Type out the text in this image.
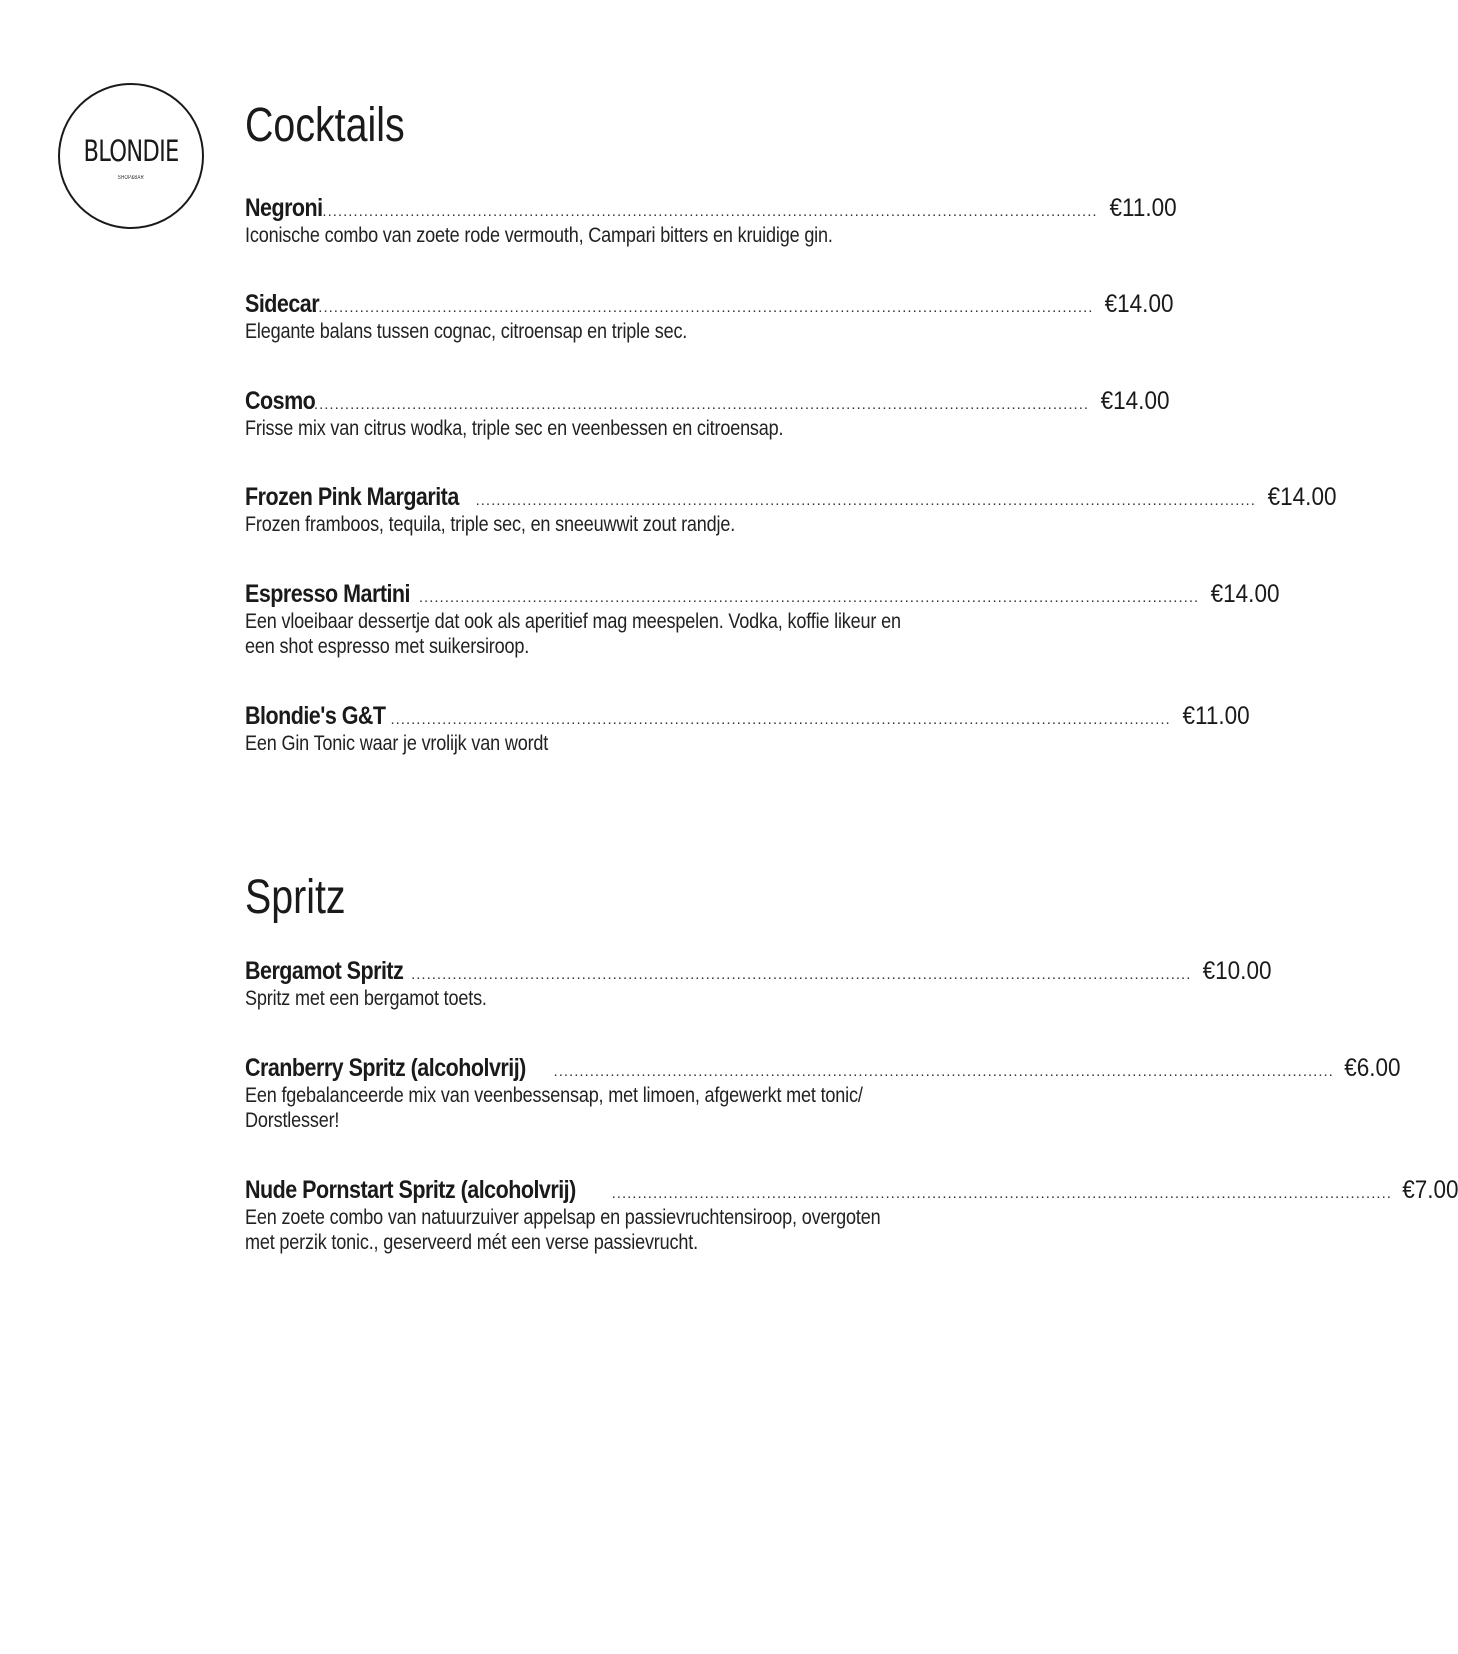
BLONDIE
SHOP&BAR
Cocktails
Negroni
....................................................................................................................................................... €11.00
Iconische combo van zoete rode vermouth, Campari bitters en kruidige gin.
Sidecar
....................................................................................................................................................... €14.00
Elegante balans tussen cognac, citroensap en triple sec.
Cosmo
....................................................................................................................................................... €14.00
Frisse mix van citrus wodka, triple sec en veenbessen en citroensap.
Frozen Pink Margarita ....................................................................................................................................................... €14.00
Frozen framboos, tequila, triple sec, en sneeuwwit zout randje.
Espresso Martini ....................................................................................................................................................... €14.00
Een vloeibaar dessertje dat ook als aperitief mag meespelen. Vodka, koffie likeur en een shot espresso met suikersiroop.
Blondie's G&T ....................................................................................................................................................... €11.00
Een Gin Tonic waar je vrolijk van wordt
Spritz
Bergamot Spritz ....................................................................................................................................................... €10.00
Spritz met een bergamot toets.
Cranberry Spritz (alcoholvrij) ....................................................................................................................................................... €6.00
Een fgebalanceerde mix van veenbessensap, met limoen, afgewerkt met tonic/ Dorstlesser!
Nude Pornstart Spritz (alcoholvrij) ....................................................................................................................................................... €7.00
Een zoete combo van natuurzuiver appelsap en passievruchtensiroop, overgoten met perzik tonic., geserveerd mét een verse passievrucht.
